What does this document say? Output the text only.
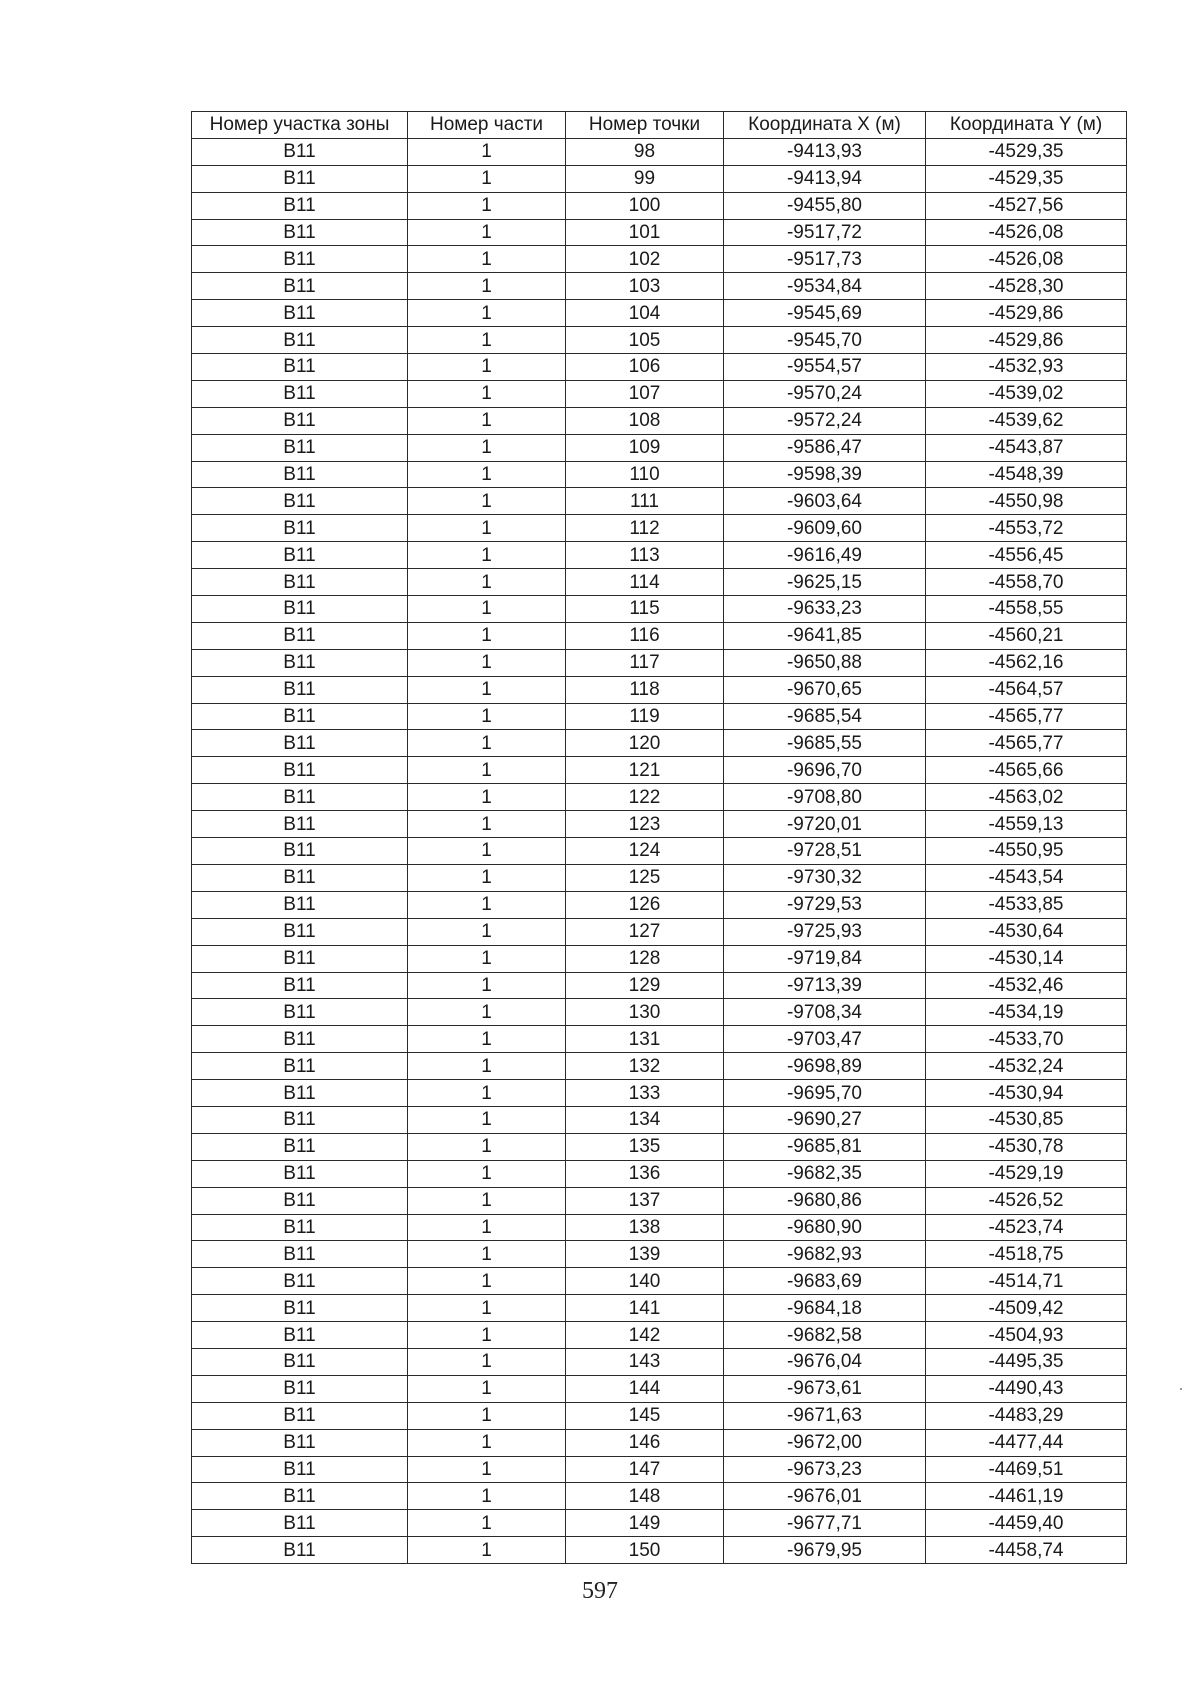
Номер участка зоны	Номер части	Номер точки	Координата X (м)	Координата Y (м)
В11	1	98	-9413,93	-4529,35
В11	1	99	-9413,94	-4529,35
В11	1	100	-9455,80	-4527,56
В11	1	101	-9517,72	-4526,08
В11	1	102	-9517,73	-4526,08
В11	1	103	-9534,84	-4528,30
В11	1	104	-9545,69	-4529,86
В11	1	105	-9545,70	-4529,86
В11	1	106	-9554,57	-4532,93
В11	1	107	-9570,24	-4539,02
В11	1	108	-9572,24	-4539,62
В11	1	109	-9586,47	-4543,87
В11	1	110	-9598,39	-4548,39
В11	1	111	-9603,64	-4550,98
В11	1	112	-9609,60	-4553,72
В11	1	113	-9616,49	-4556,45
В11	1	114	-9625,15	-4558,70
В11	1	115	-9633,23	-4558,55
В11	1	116	-9641,85	-4560,21
В11	1	117	-9650,88	-4562,16
В11	1	118	-9670,65	-4564,57
В11	1	119	-9685,54	-4565,77
В11	1	120	-9685,55	-4565,77
В11	1	121	-9696,70	-4565,66
В11	1	122	-9708,80	-4563,02
В11	1	123	-9720,01	-4559,13
В11	1	124	-9728,51	-4550,95
В11	1	125	-9730,32	-4543,54
В11	1	126	-9729,53	-4533,85
В11	1	127	-9725,93	-4530,64
В11	1	128	-9719,84	-4530,14
В11	1	129	-9713,39	-4532,46
В11	1	130	-9708,34	-4534,19
В11	1	131	-9703,47	-4533,70
В11	1	132	-9698,89	-4532,24
В11	1	133	-9695,70	-4530,94
В11	1	134	-9690,27	-4530,85
В11	1	135	-9685,81	-4530,78
В11	1	136	-9682,35	-4529,19
В11	1	137	-9680,86	-4526,52
В11	1	138	-9680,90	-4523,74
В11	1	139	-9682,93	-4518,75
В11	1	140	-9683,69	-4514,71
В11	1	141	-9684,18	-4509,42
В11	1	142	-9682,58	-4504,93
В11	1	143	-9676,04	-4495,35
В11	1	144	-9673,61	-4490,43
В11	1	145	-9671,63	-4483,29
В11	1	146	-9672,00	-4477,44
В11	1	147	-9673,23	-4469,51
В11	1	148	-9676,01	-4461,19
В11	1	149	-9677,71	-4459,40
В11	1	150	-9679,95	-4458,74
597
